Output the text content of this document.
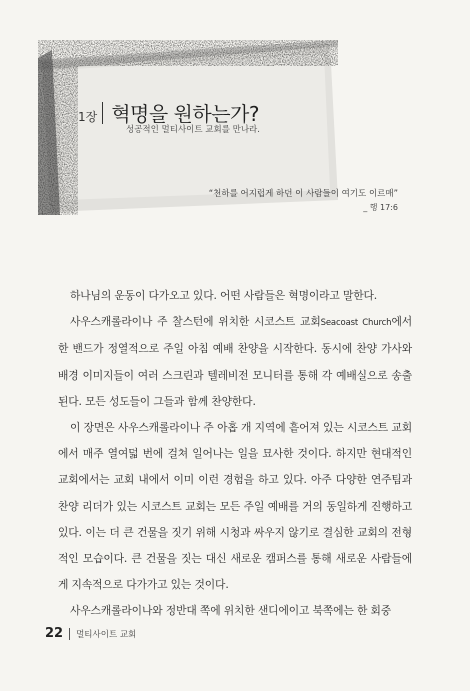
1장 혁명을 원하는가?
성공적인 멀티사이트 교회를 만나라.
“천하를 어지럽게 하던 이 사람들이 여기도 이르매”
_ 행 17:6

하나님의 운동이 다가오고 있다. 어떤 사람들은 혁명이라고 말한다.

사우스캐롤라이나 주 찰스턴에 위치한 시코스트 교회Seacoast Church에서 한 밴드가 정열적으로 주일 아침 예배 찬양을 시작한다. 동시에 찬양 가사와 배경 이미지들이 여러 스크린과 텔레비전 모니터를 통해 각 예배실으로 송출된다. 모든 성도들이 그들과 함께 찬양한다.

이 장면은 사우스캐롤라이나 주 아홉 개 지역에 흩어져 있는 시코스트 교회에서 매주 열여덟 번에 걸쳐 일어나는 일을 묘사한 것이다. 하지만 현대적인 교회에서는 교회 내에서 이미 이런 경험을 하고 있다. 아주 다양한 연주팀과 찬양 리더가 있는 시코스트 교회는 모든 주일 예배를 거의 동일하게 진행하고 있다. 이는 더 큰 건물을 짓기 위해 시청과 싸우지 않기로 결심한 교회의 전형적인 모습이다. 큰 건물을 짓는 대신 새로운 캠퍼스를 통해 새로운 사람들에게 지속적으로 다가가고 있는 것이다.

사우스캐롤라이나와 정반대 쪽에 위치한 샌디에이고 북쪽에는 한 회중

22 멀티사이트 교회
